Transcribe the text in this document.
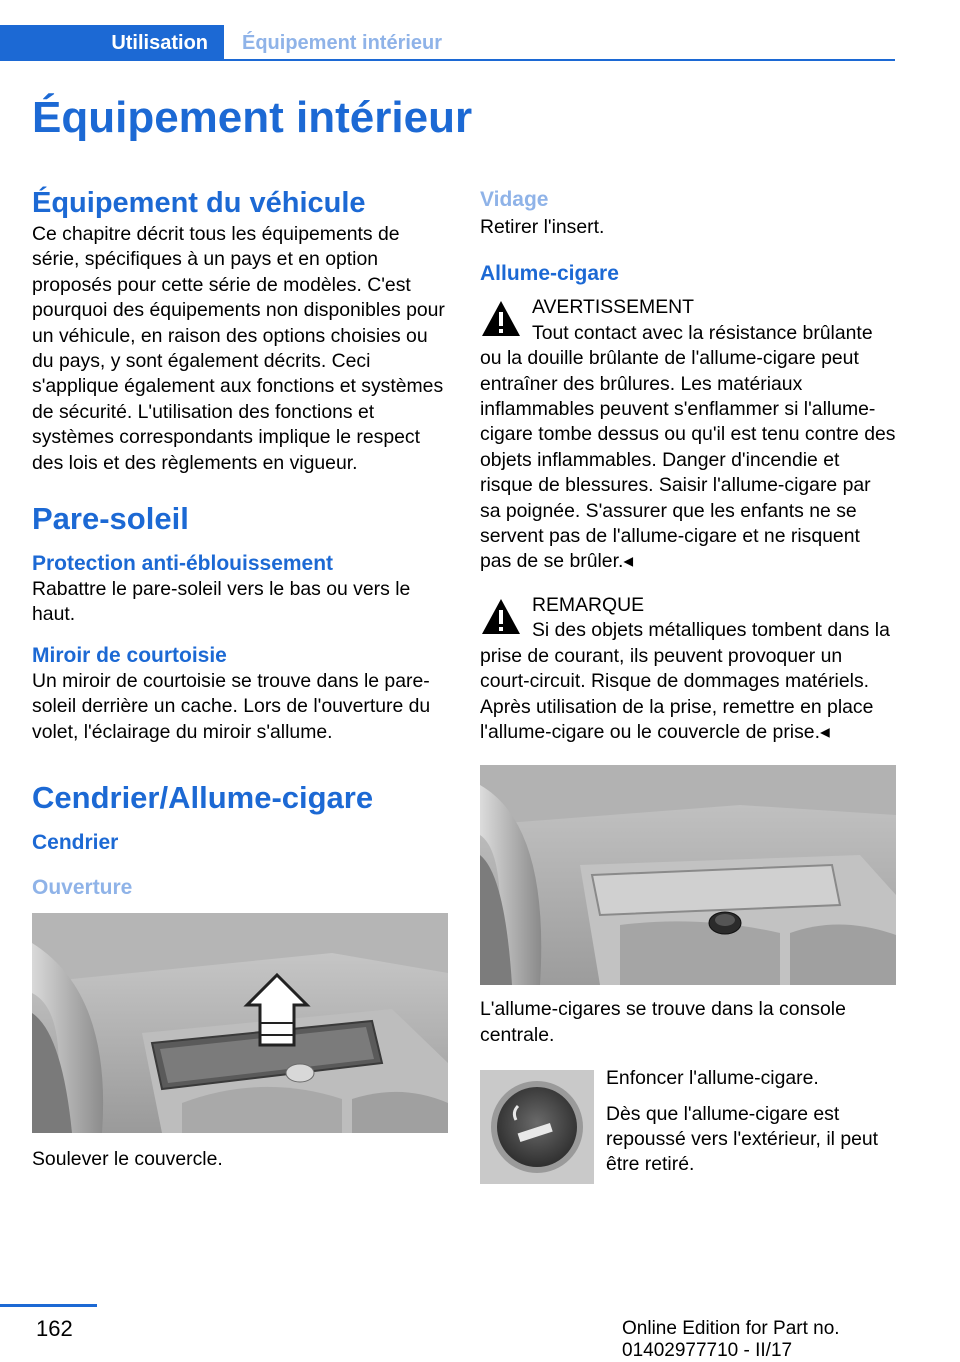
Utilisation	Équipement intérieur
Équipement intérieur
Équipement du véhicule

Ce chapitre décrit tous les équipements de série, spécifiques à un pays et en option proposés pour cette série de modèles. C'est pourquoi des équipements non disponibles pour un véhicule, en raison des options choisies ou du pays, y sont également décrits. Ceci s'applique également aux fonctions et systèmes de sécurité. L'utilisation des fonctions et systèmes correspondants implique le respect des lois et des règlements en vigueur.

Pare-soleil
Protection anti-éblouissement

Rabattre le pare-soleil vers le bas ou vers le haut.

Miroir de courtoisie

Un miroir de courtoisie se trouve dans le pare-soleil derrière un cache. Lors de l'ouverture du volet, l'éclairage du miroir s'allume.

Cendrier/Allume-cigare
Cendrier
Ouverture

Soulever le couvercle.

Vidage

Retirer l'insert.

Allume-cigare
AVERTISSEMENT
Tout contact avec la résistance brûlante ou la douille brûlante de l'allume-cigare peut entraîner des brûlures. Les matériaux inflammables peuvent s'enflammer si l'allume-cigare tombe dessus ou qu'il est tenu contre des objets inflammables. Danger d'incendie et risque de blessures. Saisir l'allume-cigare par sa poignée. S'assurer que les enfants ne se servent pas de l'allume-cigare et ne risquent pas de se brûler.◂
REMARQUE
Si des objets métalliques tombent dans la prise de courant, ils peuvent provoquer un court-circuit. Risque de dommages matériels. Après utilisation de la prise, remettre en place l'allume-cigare ou le couvercle de prise.◂

L'allume-cigares se trouve dans la console centrale.

Enfoncer l'allume-cigare.

Dès que l'allume-cigare est repoussé vers l'extérieur, il peut être retiré.

162	Online Edition for Part no. 01402977710 - II/17
